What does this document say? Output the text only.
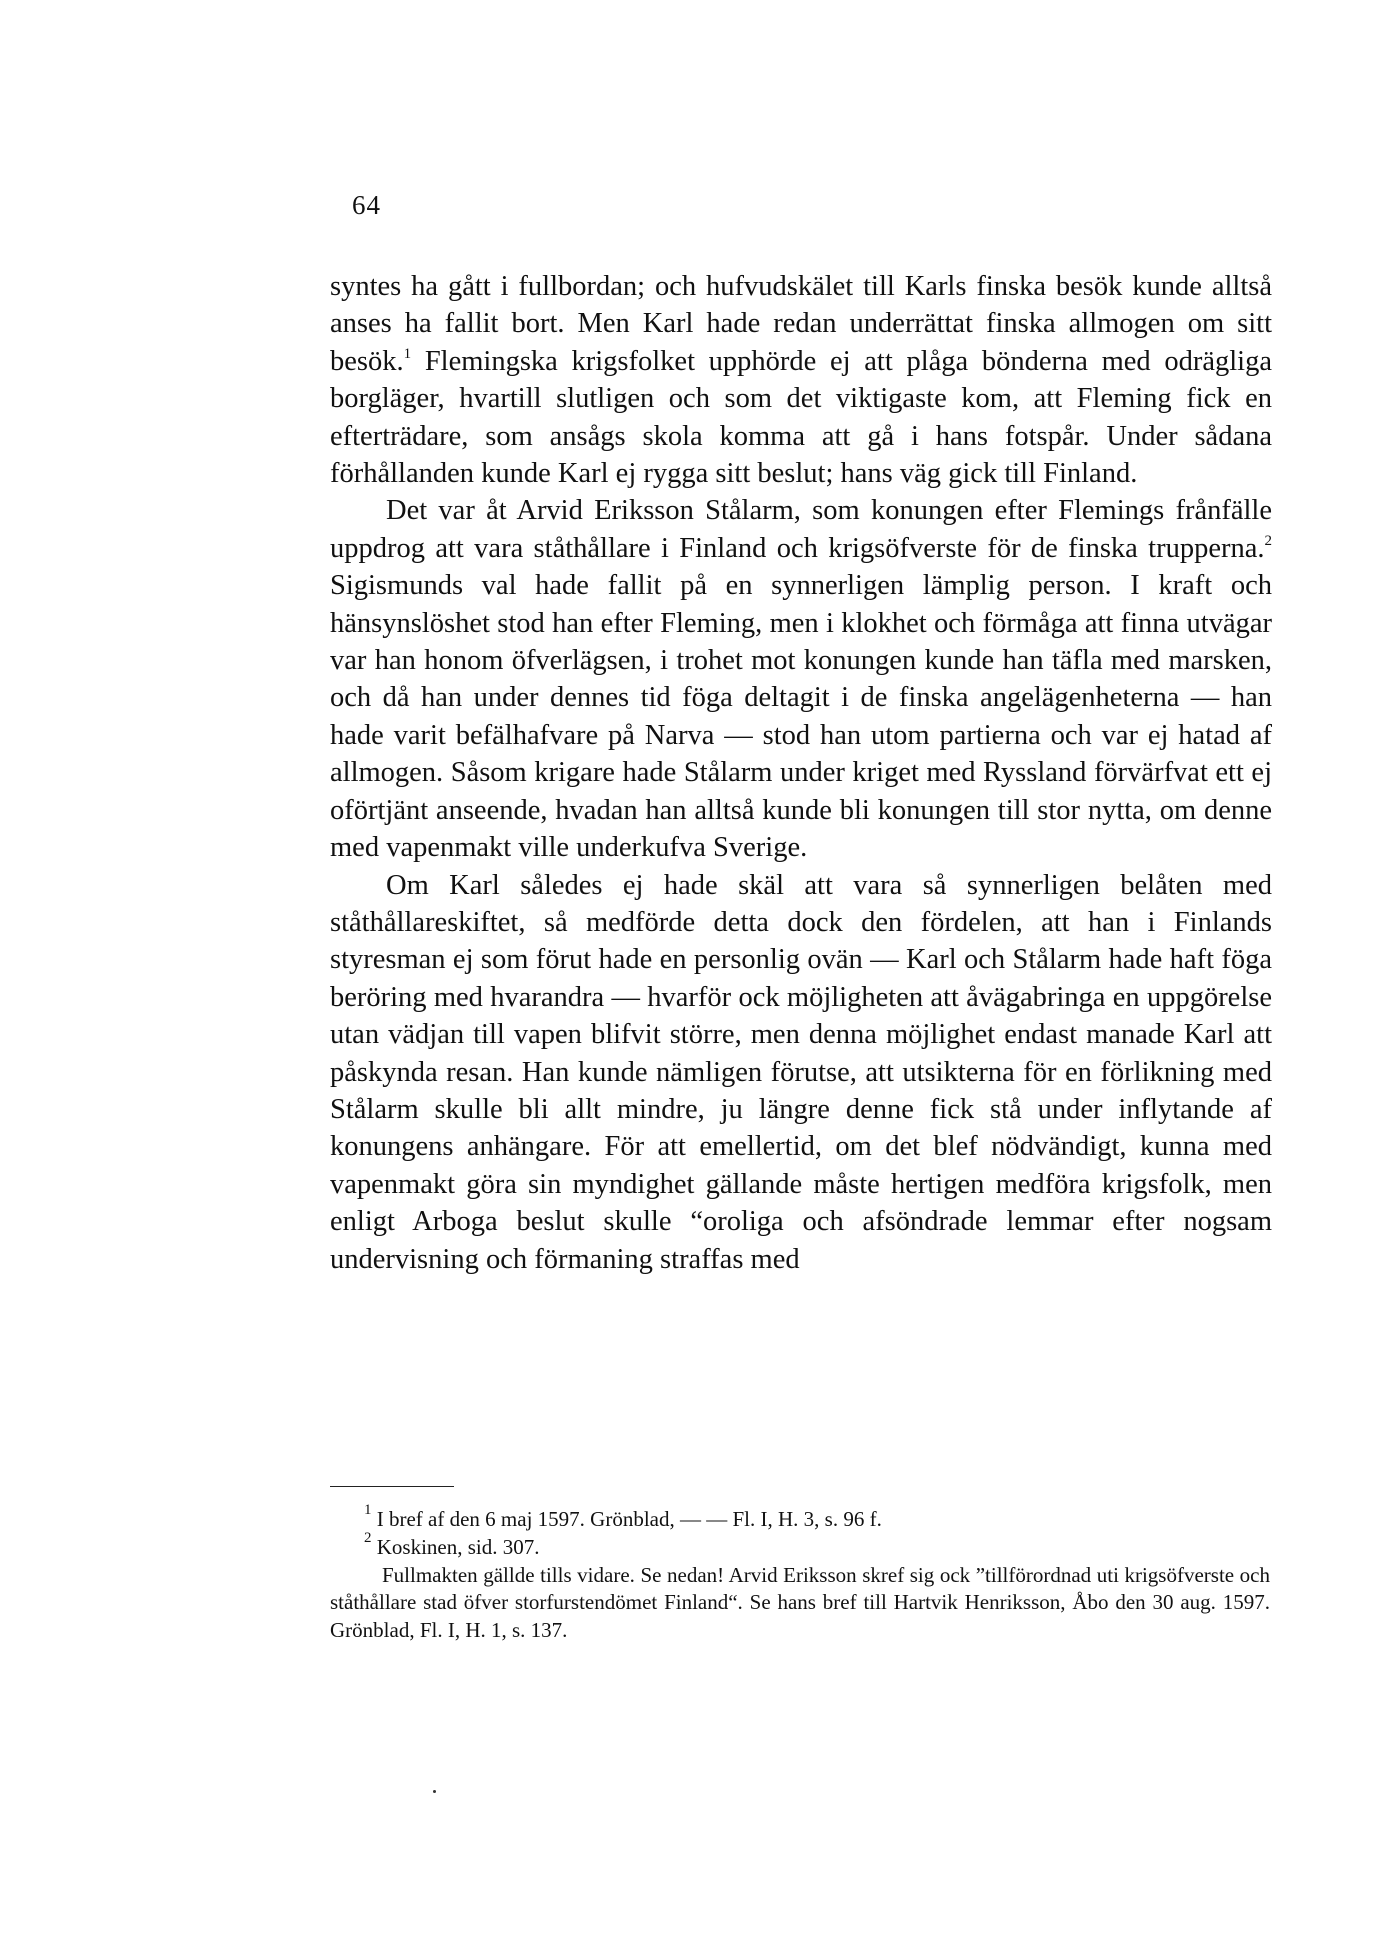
64

syntes ha gått i fullbordan; och hufvudskälet till Karls finska besök kunde alltså anses ha fallit bort. Men Karl hade redan underrättat finska allmogen om sitt besök.$^1$ Flemingska krigsfolket upphörde ej att plåga bönderna med odrägliga borgläger, hvartill slutligen och som det viktigaste kom, att Fleming fick en efterträdare, som ansågs skola komma att gå i hans fotspår. Under sådana förhållanden kunde Karl ej rygga sitt beslut; hans väg gick till Finland.

Det var åt Arvid Eriksson Stålarm, som konungen efter Flemings frånfälle uppdrog att vara ståthållare i Finland och krigsöfverste för de finska trupperna.$^2$ Sigismunds val hade fallit på en synnerligen lämplig person. I kraft och hänsynslöshet stod han efter Fleming, men i klokhet och förmåga att finna utvägar var han honom öfverlägsen, i trohet mot konungen kunde han täfla med marsken, och då han under dennes tid föga deltagit i de finska angelägenheterna — han hade varit befälhafvare på Narva — stod han utom partierna och var ej hatad af allmogen. Såsom krigare hade Stålarm under kriget med Ryssland förvärfvat ett ej oförtjänt anseende, hvadan han alltså kunde bli konungen till stor nytta, om denne med vapenmakt ville underkufva Sverige.

Om Karl således ej hade skäl att vara så synnerligen belåten med ståthållareskiftet, så medförde detta dock den fördelen, att han i Finlands styresman ej som förut hade en personlig ovän — Karl och Stålarm hade haft föga beröring med hvarandra — hvarför ock möjligheten att åvägabringa en uppgörelse utan vädjan till vapen blifvit större, men denna möjlighet endast manade Karl att påskynda resan. Han kunde nämligen förutse, att utsikterna för en förlikning med Stålarm skulle bli allt mindre, ju längre denne fick stå under inflytande af konungens anhängare. För att emellertid, om det blef nödvändigt, kunna med vapenmakt göra sin myndighet gällande måste hertigen medföra krigsfolk, men enligt Arboga beslut skulle “oroliga och afsöndrade lemmar efter nogsam undervisning och förmaning straffas med

$^1$ I bref af den 6 maj 1597. Grönblad, — — Fl. I, H. 3, s. 96 f.

$^2$ Koskinen, sid. 307.

Fullmakten gällde tills vidare. Se nedan! Arvid Eriksson skref sig ock ”tillförordnad uti krigsöfverste och ståthållare stad öfver storfurstendömet Finland“. Se hans bref till Hartvik Henriksson, Åbo den 30 aug. 1597. Grönblad, Fl. I, H. 1, s. 137.
